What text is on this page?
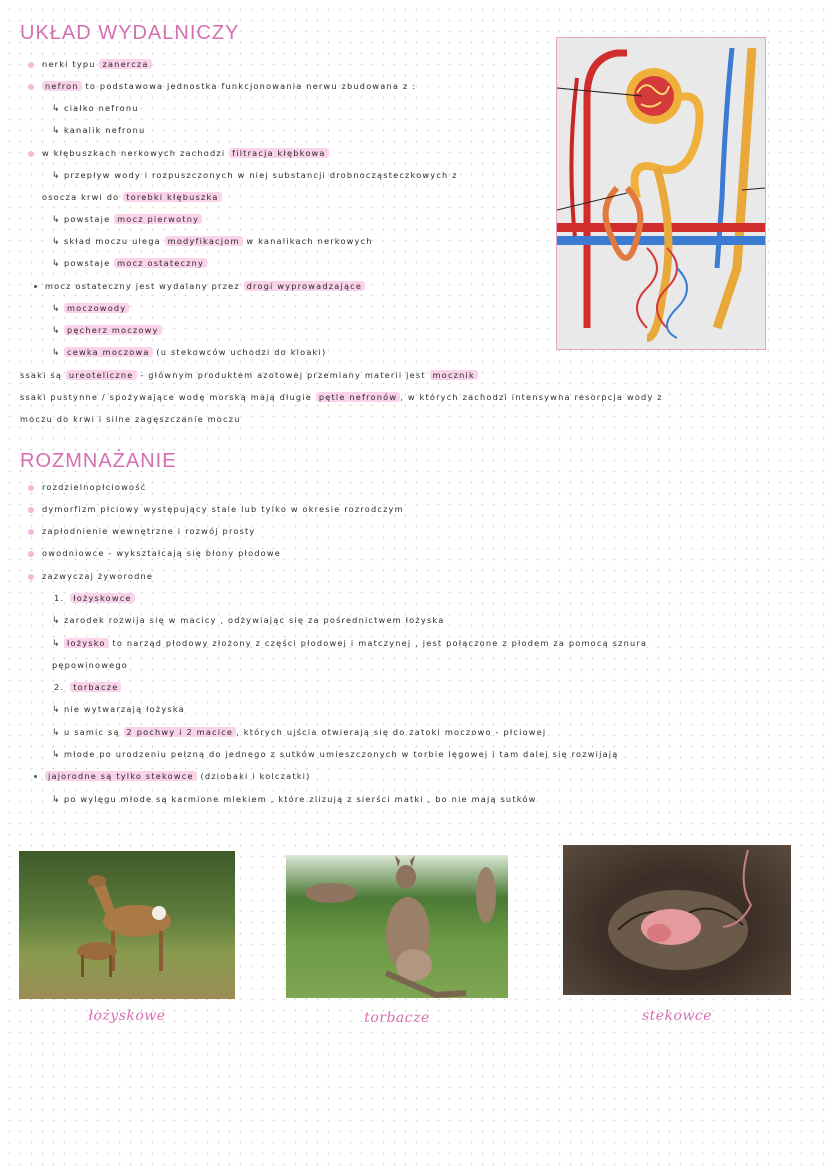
UKŁAD WYDALNICZY
nerki typu zanercza
nefron to podstawowa jednostka funkcjonowania nerwu zbudowana z :
↳ ciałko nefronu
↳ kanalik nefronu
w kłębuszkach nerkowych zachodzi filtracja kłębkowa
↳ przepływ wody i rozpuszczonych w niej substancji drobnocząsteczkowych z
osocza krwi do torebki kłębuszka
↳ powstaje mocz pierwotny
↳ skład moczu ulega modyfikacjom w kanalikach nerkowych
↳ powstaje mocz ostateczny
mocz ostateczny jest wydalany przez drogi wyprowadzające
↳ moczowody
↳ pęcherz moczowy
↳ cewka moczowa (u stekowców uchodzi do kloaki)
ssaki są ureoteliczne - głównym produktem azotowej przemiany materii jest mocznik
ssaki pustynne / spożywające wodę morską mają długie pętle nefronów , w których zachodzi intensywna resorpcja wody z
moczu do krwi i silne zagęszczanie moczu
ROZMNAŻANIE
rozdzielnopłciowość
dymorfizm płciowy występujący stale lub tylko w okresie rozrodczym
zapłodnienie wewnętrzne i rozwój prosty
owodniowce - wykształcają się błony płodowe
zazwyczaj żyworodne
1. łożyskowce
↳ zarodek rozwija się w macicy , odżywiając się za pośrednictwem łożyska
↳ łożysko to narząd płodowy złożony z części płodowej i matczynej , jest połączone z płodem za pomocą sznura
pępowinowego
2. torbacze
↳ nie wytwarzają łożyska
↳ u samic są 2 pochwy i 2 macice , których ujścia otwierają się do zatoki moczowo - płciowej
↳ młode po urodzeniu pełzną do jednego z sutków umieszczonych w torbie lęgowej i tam dalej się rozwijają
jajorodne są tylko stekowce (dziobaki i kolczatki)
↳ po wylęgu młode są karmione mlekiem , które zlizują z sierści matki , bo nie mają sutków
łożyskowe	torbacze	stekowce
